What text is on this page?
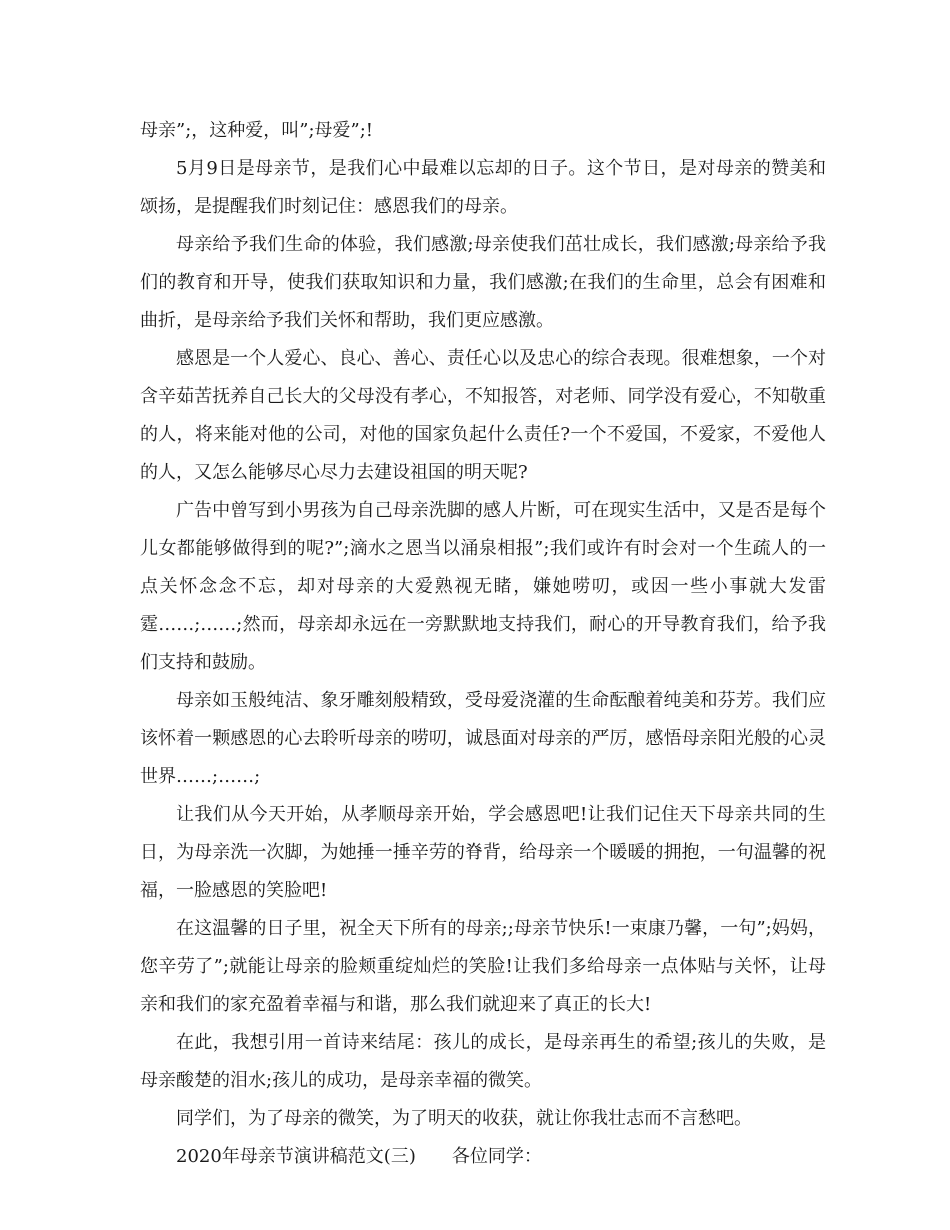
母亲”;，这种爱，叫”;母爱”;!

5月9日是母亲节，是我们心中最难以忘却的日子。这个节日，是对母亲的赞美和颂扬，是提醒我们时刻记住：感恩我们的母亲。

母亲给予我们生命的体验，我们感激;母亲使我们茁壮成长，我们感激;母亲给予我们的教育和开导，使我们获取知识和力量，我们感激;在我们的生命里，总会有困难和曲折，是母亲给予我们关怀和帮助，我们更应感激。

感恩是一个人爱心、良心、善心、责任心以及忠心的综合表现。很难想象，一个对含辛茹苦抚养自己长大的父母没有孝心，不知报答，对老师、同学没有爱心，不知敬重的人，将来能对他的公司，对他的国家负起什么责任?一个不爱国，不爱家，不爱他人的人，又怎么能够尽心尽力去建设祖国的明天呢?

广告中曾写到小男孩为自己母亲洗脚的感人片断，可在现实生活中，又是否是每个儿女都能够做得到的呢?”;滴水之恩当以涌泉相报”;我们或许有时会对一个生疏人的一点关怀念念不忘，却对母亲的大爱熟视无睹，嫌她唠叨，或因一些小事就大发雷霆……;……;然而，母亲却永远在一旁默默地支持我们，耐心的开导教育我们，给予我们支持和鼓励。

母亲如玉般纯洁、象牙雕刻般精致，受母爱浇灌的生命酝酿着纯美和芬芳。我们应该怀着一颗感恩的心去聆听母亲的唠叨，诚恳面对母亲的严厉，感悟母亲阳光般的心灵世界……;……;

让我们从今天开始，从孝顺母亲开始，学会感恩吧!让我们记住天下母亲共同的生日，为母亲洗一次脚，为她捶一捶辛劳的脊背，给母亲一个暖暖的拥抱，一句温馨的祝福，一脸感恩的笑脸吧!

在这温馨的日子里，祝全天下所有的母亲;;母亲节快乐!一束康乃馨，一句”;妈妈，您辛劳了”;就能让母亲的脸颊重绽灿烂的笑脸!让我们多给母亲一点体贴与关怀，让母亲和我们的家充盈着幸福与和谐，那么我们就迎来了真正的长大!

在此，我想引用一首诗来结尾：孩儿的成长，是母亲再生的希望;孩儿的失败，是母亲酸楚的泪水;孩儿的成功，是母亲幸福的微笑。

同学们，为了母亲的微笑，为了明天的收获，就让你我壮志而不言愁吧。

2020年母亲节演讲稿范文(三)　　各位同学：
